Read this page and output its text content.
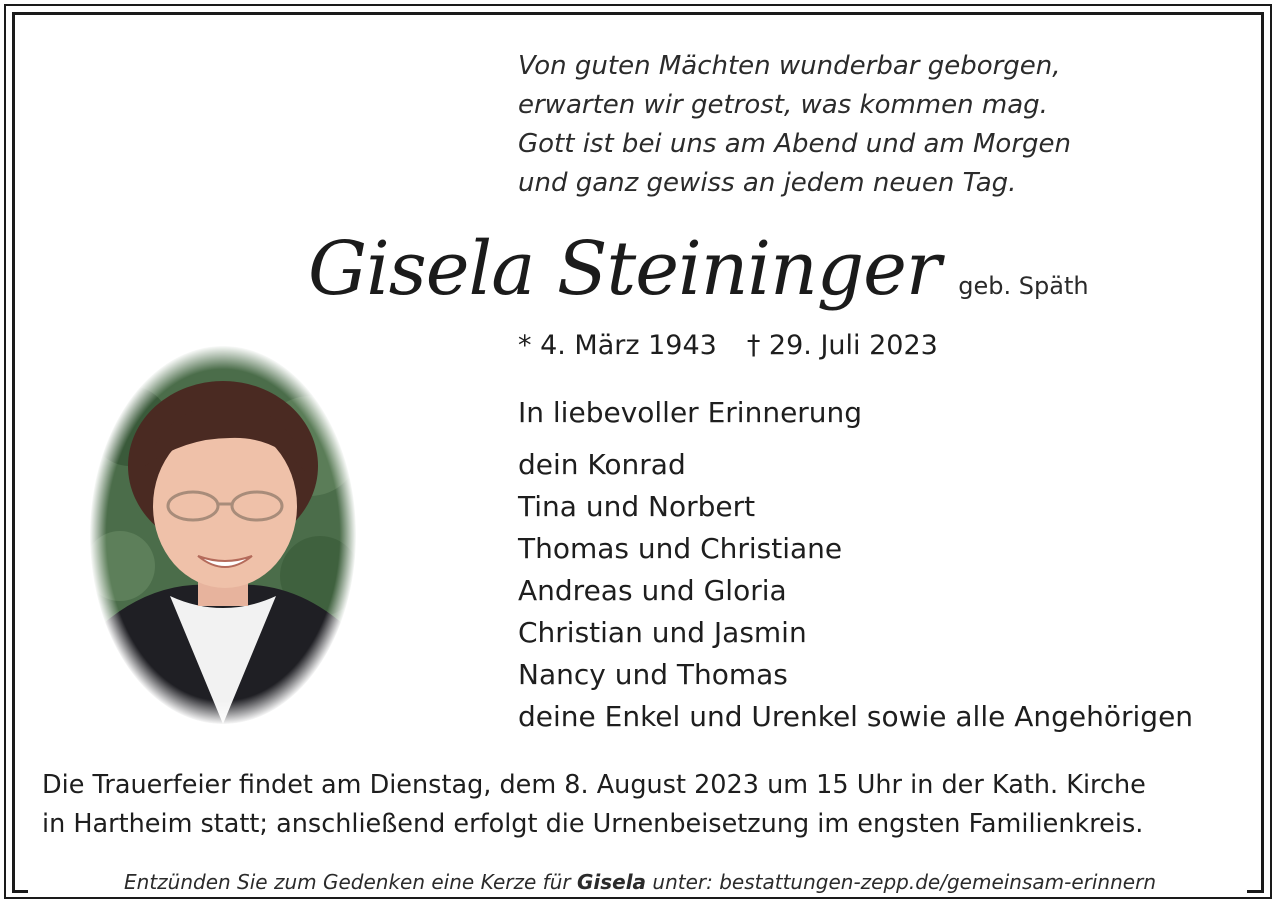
Von guten Mächten wunderbar geborgen,
erwarten wir getrost, was kommen mag.
Gott ist bei uns am Abend und am Morgen
und ganz gewiss an jedem neuen Tag.
Gisela Steininger geb. Späth
* 4. März 1943 † 29. Juli 2023
In liebevoller Erinnerung
dein Konrad
Tina und Norbert
Thomas und Christiane
Andreas und Gloria
Christian und Jasmin
Nancy und Thomas
deine Enkel und Urenkel sowie alle Angehörigen
Die Trauerfeier findet am Dienstag, dem 8. August 2023 um 15 Uhr in der Kath. Kirche
in Hartheim statt; anschließend erfolgt die Urnenbeisetzung im engsten Familienkreis.
Entzünden Sie zum Gedenken eine Kerze für Gisela unter: bestattungen-zepp.de/gemeinsam-erinnern
